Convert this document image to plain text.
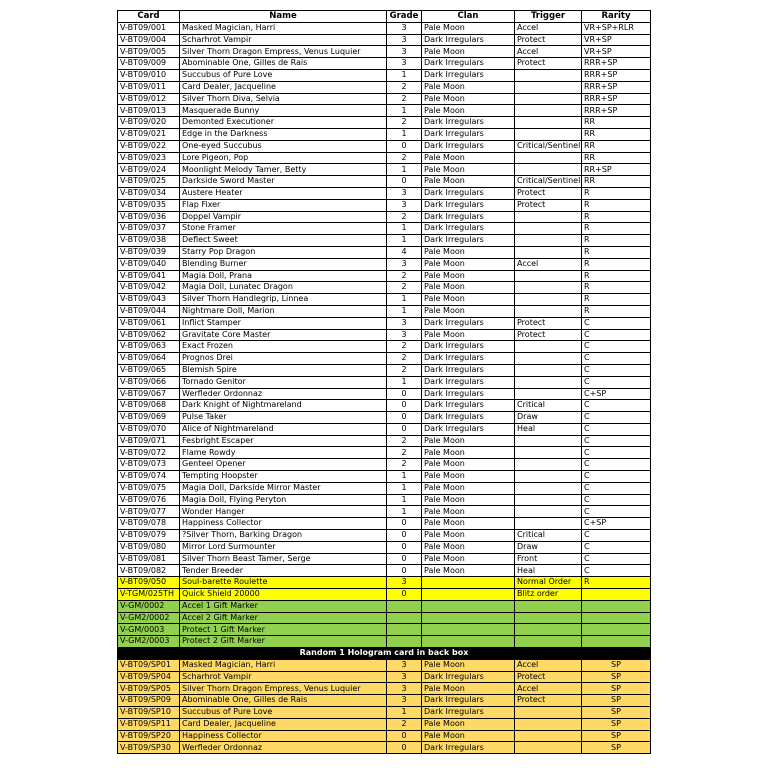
Card	Name	Grade	Clan	Trigger	Rarity
V-BT09/001	Masked Magician, Harri	3	Pale Moon	Accel	VR+SP+RLR
V-BT09/004	Scharhrot Vampir	3	Dark Irregulars	Protect	VR+SP
V-BT09/005	Silver Thorn Dragon Empress, Venus Luquier	3	Pale Moon	Accel	VR+SP
V-BT09/009	Abominable One, Gilles de Rais	3	Dark Irregulars	Protect	RRR+SP
V-BT09/010	Succubus of Pure Love	1	Dark Irregulars		RRR+SP
V-BT09/011	Card Dealer, Jacqueline	2	Pale Moon		RRR+SP
V-BT09/012	Silver Thorn Diva, Selvia	2	Pale Moon		RRR+SP
V-BT09/013	Masquerade Bunny	1	Pale Moon		RRR+SP
V-BT09/020	Demonted Executioner	2	Dark Irregulars		RR
V-BT09/021	Edge in the Darkness	1	Dark Irregulars		RR
V-BT09/022	One-eyed Succubus	0	Dark Irregulars	Critical/Sentinel	RR
V-BT09/023	Lore Pigeon, Pop	2	Pale Moon		RR
V-BT09/024	Moonlight Melody Tamer, Betty	1	Pale Moon		RR+SP
V-BT09/025	Darkside Sword Master	0	Pale Moon	Critical/Sentinel	RR
V-BT09/034	Austere Heater	3	Dark Irregulars	Protect	R
V-BT09/035	Flap Fixer	3	Dark Irregulars	Protect	R
V-BT09/036	Doppel Vampir	2	Dark Irregulars		R
V-BT09/037	Stone Framer	1	Dark Irregulars		R
V-BT09/038	Deflect Sweet	1	Dark Irregulars		R
V-BT09/039	Starry Pop Dragon	4	Pale Moon		R
V-BT09/040	Blending Burner	3	Pale Moon	Accel	R
V-BT09/041	Magia Doll, Prana	2	Pale Moon		R
V-BT09/042	Magia Doll, Lunatec Dragon	2	Pale Moon		R
V-BT09/043	Silver Thorn Handlegrip, Linnea	1	Pale Moon		R
V-BT09/044	Nightmare Doll, Marion	1	Pale Moon		R
V-BT09/061	Inflict Stamper	3	Dark Irregulars	Protect	C
V-BT09/062	Gravitate Core Master	3	Pale Moon	Protect	C
V-BT09/063	Exact Frozen	2	Dark Irregulars		C
V-BT09/064	Prognos Drei	2	Dark Irregulars		C
V-BT09/065	Blemish Spire	2	Dark Irregulars		C
V-BT09/066	Tornado Genitor	1	Dark Irregulars		C
V-BT09/067	Werfleder Ordonnaz	0	Dark Irregulars		C+SP
V-BT09/068	Dark Knight of Nightmareland	0	Dark Irregulars	Critical	C
V-BT09/069	Pulse Taker	0	Dark Irregulars	Draw	C
V-BT09/070	Alice of Nightmareland	0	Dark Irregulars	Heal	C
V-BT09/071	Fesbright Escaper	2	Pale Moon		C
V-BT09/072	Flame Rowdy	2	Pale Moon		C
V-BT09/073	Genteel Opener	2	Pale Moon		C
V-BT09/074	Tempting Hoopster	1	Pale Moon		C
V-BT09/075	Magia Doll, Darkside Mirror Master	1	Pale Moon		C
V-BT09/076	Magia Doll, Flying Peryton	1	Pale Moon		C
V-BT09/077	Wonder Hanger	1	Pale Moon		C
V-BT09/078	Happiness Collector	0	Pale Moon		C+SP
V-BT09/079	?Silver Thorn, Barking Dragon	0	Pale Moon	Critical	C
V-BT09/080	Mirror Lord Surmounter	0	Pale Moon	Draw	C
V-BT09/081	Silver Thorn Beast Tamer, Serge	0	Pale Moon	Front	C
V-BT09/082	Tender Breeder	0	Pale Moon	Heal	C
V-BT09/050	Soul-barette Roulette	3		Normal Order	R
V-TGM/025TH	Quick Shield 20000	0		Blitz order	
V-GM/0002	Accel 1 Gift Marker				
V-GM2/0002	Accel 2 Gift Marker				
V-GM/0003	Protect 1 Gift Marker				
V-GM2/0003	Protect 2 Gift Marker				
Random 1 Hologram card in back box					
V-BT09/SP01	Masked Magician, Harri	3	Pale Moon	Accel	SP
V-BT09/SP04	Scharhrot Vampir	3	Dark Irregulars	Protect	SP
V-BT09/SP05	Silver Thorn Dragon Empress, Venus Luquier	3	Pale Moon	Accel	SP
V-BT09/SP09	Abominable One, Gilles de Rais	3	Dark Irregulars	Protect	SP
V-BT09/SP10	Succubus of Pure Love	1	Dark Irregulars		SP
V-BT09/SP11	Card Dealer, Jacqueline	2	Pale Moon		SP
V-BT09/SP20	Happiness Collector	0	Pale Moon		SP
V-BT09/SP30	Werfleder Ordonnaz	0	Dark Irregulars		SP
